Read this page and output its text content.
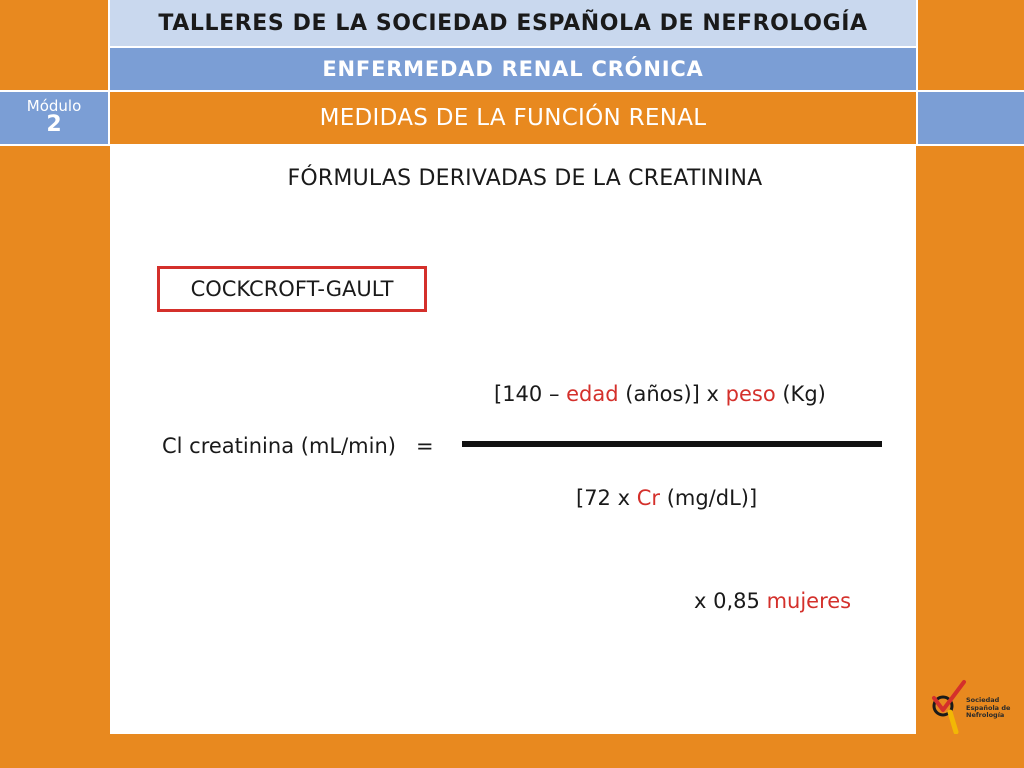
TALLERES DE LA SOCIEDAD ESPAÑOLA DE NEFROLOGÍA
ENFERMEDAD RENAL CRÓNICA
MEDIDAS DE LA FUNCIÓN RENAL
Módulo
2
FÓRMULAS DERIVADAS DE LA CREATININA
COCKCROFT-GAULT
[140 – edad (años)] x peso (Kg)
Cl creatinina (mL/min) =
[72 x Cr (mg/dL)]
x 0,85 mujeres
Sociedad
Española de
Nefrología
